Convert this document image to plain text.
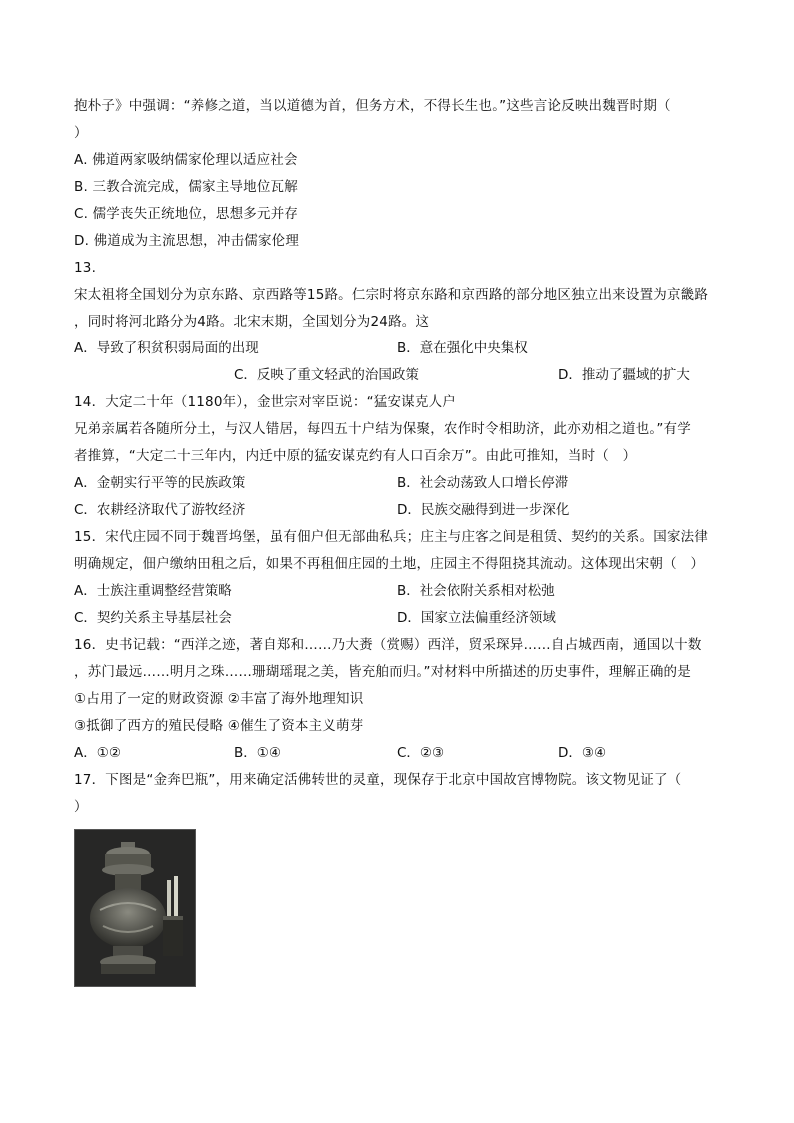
抱朴子》中强调：“养修之道，当以道德为首，但务方术，不得长生也。”这些言论反映出魏晋时期（
）
A. 佛道两家吸纳儒家伦理以适应社会
B. 三教合流完成，儒家主导地位瓦解
C. 儒学丧失正统地位，思想多元并存
D. 佛道成为主流思想，冲击儒家伦理
13.
宋太祖将全国划分为京东路、京西路等15路。仁宗时将京东路和京西路的部分地区独立出来设置为京畿路
，同时将河北路分为4路。北宋末期，全国划分为24路。这
A．导致了积贫积弱局面的出现	B．意在强化中央集权
C．反映了重文轻武的治国政策	D．推动了疆域的扩大
14．大定二十年（1180年），金世宗对宰臣说：“猛安谋克人户
兄弟亲属若各随所分土，与汉人错居，每四五十户结为保聚，农作时令相助济，此亦劝相之道也。”有学
者推算，“大定二十三年内，内迁中原的猛安谋克约有人口百余万”。由此可推知，当时（　）
A．金朝实行平等的民族政策	B．社会动荡致人口增长停滞
C．农耕经济取代了游牧经济	D．民族交融得到进一步深化
15．宋代庄园不同于魏晋坞堡，虽有佃户但无部曲私兵；庄主与庄客之间是租赁、契约的关系。国家法律
明确规定，佃户缴纳田租之后，如果不再租佃庄园的土地，庄园主不得阻挠其流动。这体现出宋朝（　）
A．士族注重调整经营策略	B．社会依附关系相对松弛
C．契约关系主导基层社会	D．国家立法偏重经济领域
16．史书记载：“西洋之迹，著自郑和……乃大赉（赏赐）西洋，贸采琛异……自占城西南，通国以十数
，苏门最远……明月之珠……珊瑚瑶琨之美，皆充舶而归。”对材料中所描述的历史事件，理解正确的是
①占用了一定的财政资源 ②丰富了海外地理知识
③抵御了西方的殖民侵略 ④催生了资本主义萌芽
A．①②	B．①④	C．②③	D．③④
17．下图是“金奔巴瓶”，用来确定活佛转世的灵童，现保存于北京中国故宫博物院。该文物见证了（
）
